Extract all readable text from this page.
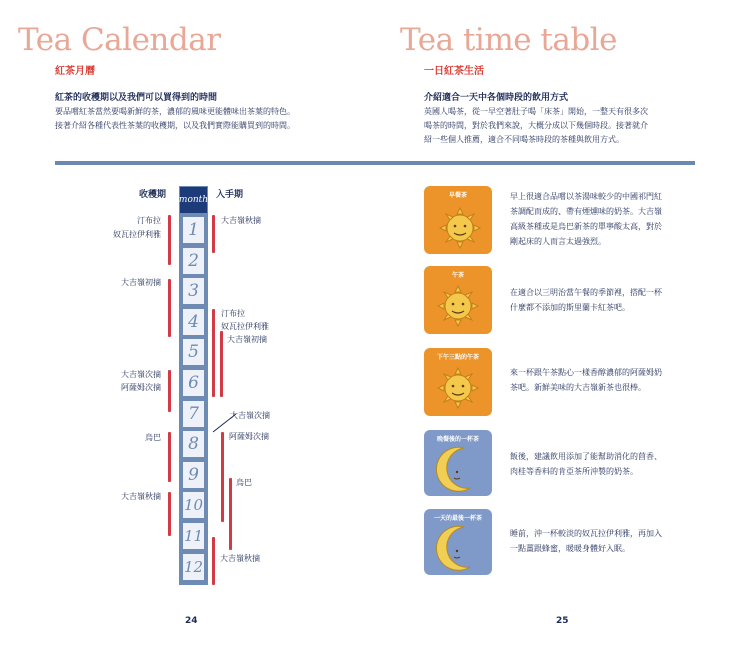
Tea Calendar
紅茶月曆
紅茶的收穫期以及我們可以買得到的時間
要品嚐紅茶當然要喝新鮮的茶，濃郁的風味更能體味出茶葉的特色。
接著介紹各種代表性茶葉的收穫期，以及我們實際能購買到的時間。
收穫期	入手期
month
1
2
3
4
5
6
7
8
9
10
11
12
汀布拉
奴瓦拉伊利雅
大吉嶺初摘
大吉嶺次摘
阿薩姆次摘
烏巴
大吉嶺秋摘
大吉嶺秋摘
汀布拉
奴瓦拉伊利雅
大吉嶺初摘
大吉嶺次摘
阿薩姆次摘
烏巴
大吉嶺秋摘
24
Tea time table
一日紅茶生活
介紹適合一天中各個時段的飲用方式
英國人喝茶，從一早空著肚子喝「床茶」開始，一整天有很多次
喝茶的時間，對於我們來說，大概分成以下幾個時段。接著就介
紹一些個人推薦，適合不同喝茶時段的茶種與飲用方式。
早餐茶	早上很適合品嚐以茶湯味較少的中國祁門紅
茶調配而成的、帶有煙燻味的奶茶。大吉嶺
高級茶種或是烏巴新茶的單寧酸太高，對於
剛起床的人而言太過強烈。
午茶
在適合以三明治當午餐的季節裡，搭配一杯
什麼都不添加的斯里蘭卡紅茶吧。
下午三點的午茶
來一杯跟午茶點心一樣香醇濃郁的阿薩姆奶
茶吧。新鮮美味的大吉嶺新茶也很棒。
晚餐後的一杯茶
飯後，建議飲用添加了能幫助消化的茴香、
肉桂等香料的肯亞茶所沖製的奶茶。
一天的最後一杯茶
睡前，沖一杯較淡的奴瓦拉伊利雅，再加入
一點薑跟蜂蜜，暖暖身體好入眠。
25
